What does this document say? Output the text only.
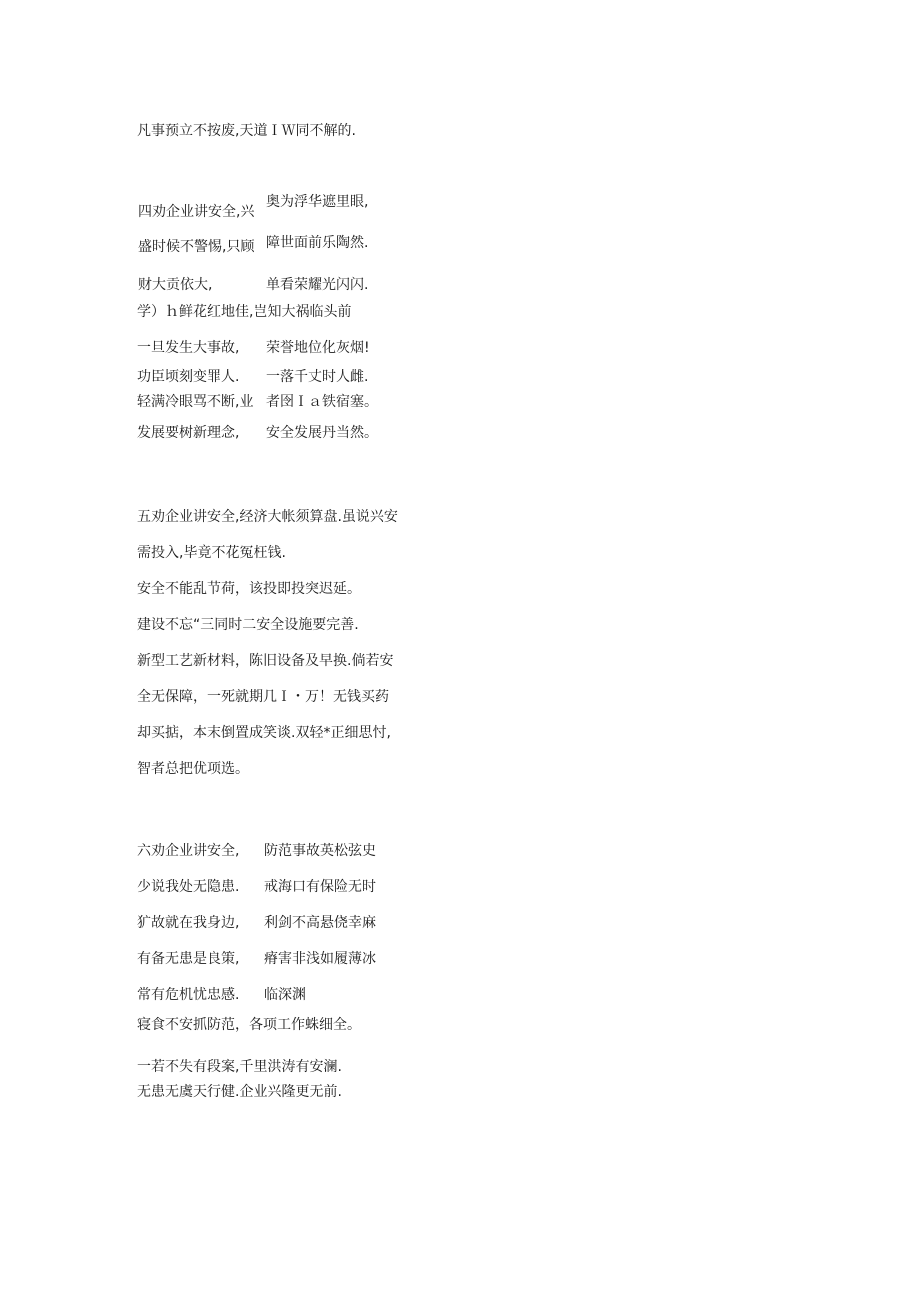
凡事预立不按废,天道ＩＷ同不解的.
四劝企业讲安全,兴
奥为浮华遮里眼,
盛时候不警惕,只顾 障世面前乐陶然.
财大贡依大,	单看荣耀光闪闪.
学）ｈ鲜花红地佳,岂知大祸临头前
一旦发生大事故, 荣誉地位化灰烟!
功臣顷刻变罪人. 一落千丈时人雌.
轻满冷眼骂不断,业 者囹Ｉａ铁宿塞。
发展要树新理念, 安全发展丹当然。
五劝企业讲安全,经济大帐须算盘.虽说兴安
需投入,毕竟不花冤枉钱.
安全不能乱节荷，该投即投突迟延。
建设不忘“三同时二安全设施要完善.
新型工艺新材料，陈旧设备及早换.倘若安
全无保障，一死就期几Ｉ・万！无钱买药
却买掂，本末倒置成笑谈.双轻*正细思忖,
智者总把优项选。
六劝企业讲安全, 防范事故英松弦史
少说我处无隐患. 戒海口有保险无时
犷故就在我身边, 利剑不高悬侥幸麻
有备无患是良策, 瘠害非浅如履薄冰
常有危机忧忠感. 临深渊
寝食不安抓防范，各项工作蛛细全。
一若不失有段案,千里洪涛有安澜.
无患无虞天行健.企业兴隆更无前.
